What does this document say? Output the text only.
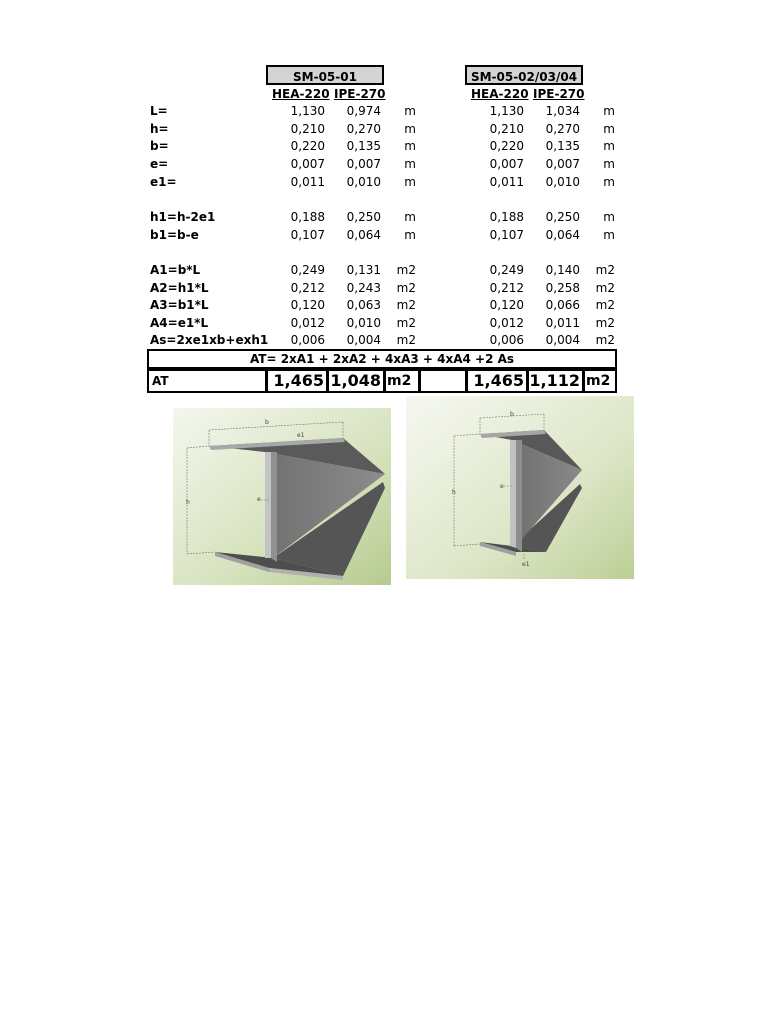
SM-05-01	SM-05-02/03/04
HEA-220 IPE-270	HEA-220 IPE-270
L=	1,130	0,974	m	1,130	1,034	m
h=	0,210	0,270	m	0,210	0,270	m
b=	0,220	0,135	m	0,220	0,135	m
e=	0,007	0,007	m	0,007	0,007	m
e1=	0,011	0,010	m	0,011	0,010	m
h1=h-2e1	0,188	0,250	m	0,188	0,250	m
b1=b-e	0,107	0,064	m	0,107	0,064	m
A1=b*L	0,249	0,131	m2	0,249	0,140	m2
A2=h1*L	0,212	0,243	m2	0,212	0,258	m2
A3=b1*L	0,120	0,063	m2	0,120	0,066	m2
A4=e1*L	0,012	0,010	m2	0,012	0,011	m2
As=2xe1xb+exh1	0,006	0,004	m2	0,006	0,004	m2
AT= 2xA1 + 2xA2 + 4xA3 + 4xA4 +2 As
AT	1,465 1,048 m2	1,465 1,112 m2
b
e1
e
h
b
e
h
e1
